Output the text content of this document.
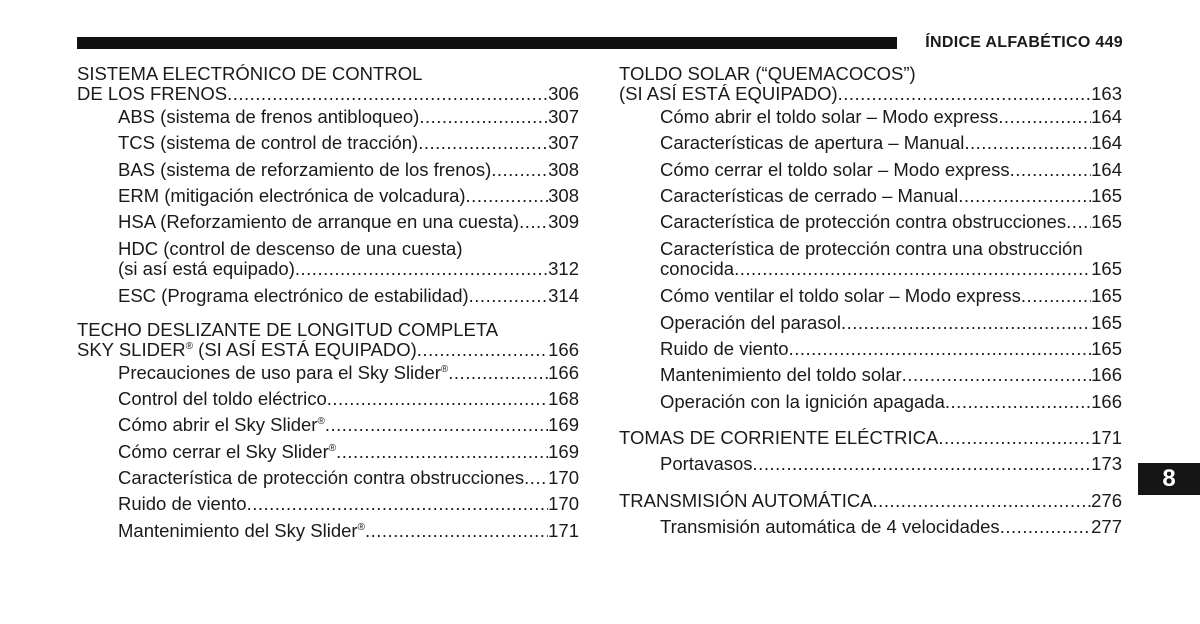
ÍNDICE ALFABÉTICO 449
SISTEMA ELECTRÓNICO DE CONTROL
DE LOS FRENOS .....	306
ABS (sistema de frenos antibloqueo) .....	307
TCS (sistema de control de tracción) .....	307
BAS (sistema de reforzamiento de los frenos) .....	308
ERM (mitigación electrónica de volcadura) .....	308
HSA (Reforzamiento de arranque en una cuesta) ..... 309
HDC (control de descenso de una cuesta)
(si así está equipado) .....	312
ESC (Programa electrónico de estabilidad) .....	314
TECHO DESLIZANTE DE LONGITUD COMPLETA
SKY SLIDER® (SI ASÍ ESTÁ EQUIPADO) .....	166
Precauciones de uso para el Sky Slider® .....	166
Control del toldo eléctrico .....	168
Cómo abrir el Sky Slider® .....	169
Cómo cerrar el Sky Slider® .....	169
Característica de protección contra obstrucciones ..... 170
Ruido de viento .....	170
Mantenimiento del Sky Slider® .....	171
TOLDO SOLAR (“QUEMACOCOS”)
(SI ASÍ ESTÁ EQUIPADO) .....	163
Cómo abrir el toldo solar – Modo express .....	164
Características de apertura – Manual .....	164
Cómo cerrar el toldo solar – Modo express .....	164
Características de cerrado – Manual .....	165
Característica de protección contra obstrucciones ..... 165
Característica de protección contra una obstrucción
conocida .....	165
Cómo ventilar el toldo solar – Modo express .....	165
Operación del parasol .....	165
Ruido de viento .....	165
Mantenimiento del toldo solar .....	166
Operación con la ignición apagada .....	166
TOMAS DE CORRIENTE ELÉCTRICA .....	171
Portavasos .....	173
TRANSMISIÓN AUTOMÁTICA .....	276
Transmisión automática de 4 velocidades .....	277
8
